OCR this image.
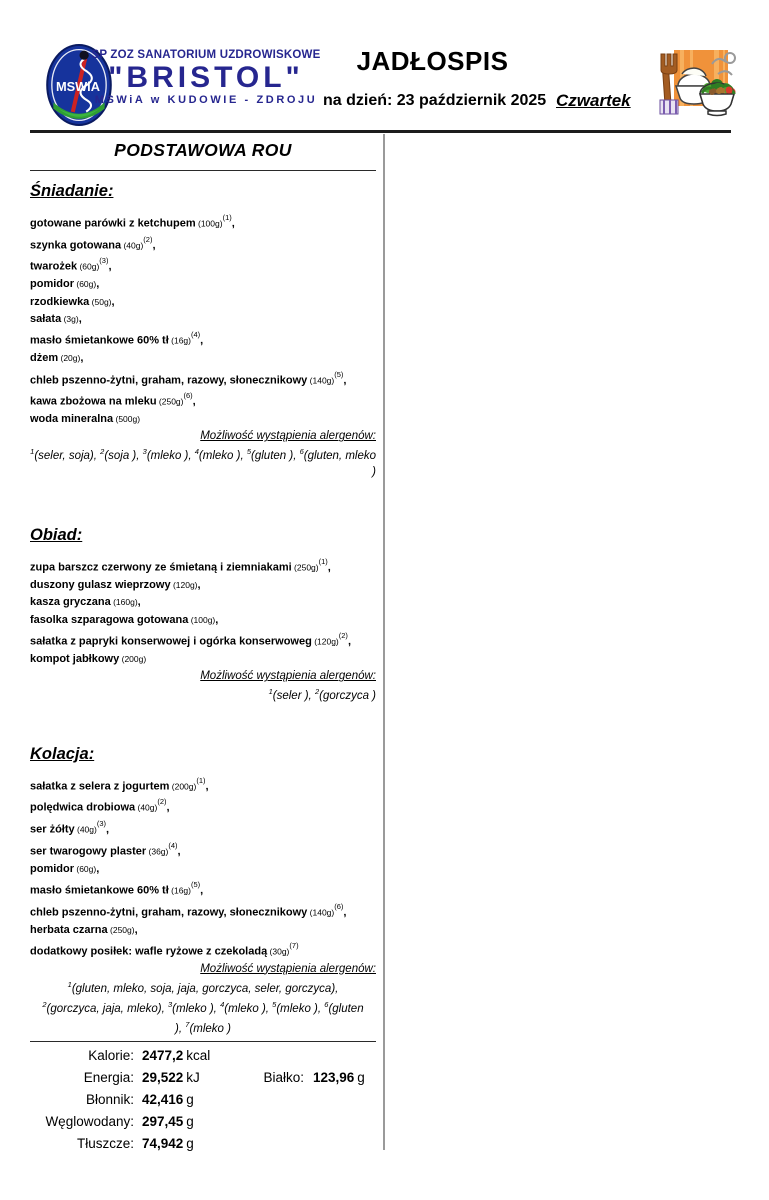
MSWiA
SP ZOZ SANATORIUM UZDROWISKOWE
"BRISTOL"
MSWiA w KUDOWIE - ZDROJU
JADŁOSPIS
na dzień: 23 październik 2025 Czwartek
PODSTAWOWA ROU
Śniadanie:
gotowane parówki z ketchupem (100g)$^{(1)}$,
szynka gotowana (40g)$^{(2)}$,
twarożek (60g)$^{(3)}$,
pomidor (60g),
rzodkiewka (50g),
sałata (3g),
masło śmietankowe 60% tł (16g)$^{(4)}$,
dżem (20g),
chleb pszenno-żytni, graham, razowy, słonecznikowy (140g)$^{(5)}$,
kawa zbożowa na mleku (250g)$^{(6)}$,
woda mineralna (500g)
Możliwość wystąpienia alergenów:
$^1$(seler, soja), $^2$(soja ), $^3$(mleko ), $^4$(mleko ), $^5$(gluten ), $^6$(gluten, mleko )
Obiad:
zupa barszcz czerwony ze śmietaną i ziemniakami (250g)$^{(1)}$,
duszony gulasz wieprzowy (120g),
kasza gryczana (160g),
fasolka szparagowa gotowana (100g),
sałatka z papryki konserwowej i ogórka konserwoweg (120g)$^{(2)}$,
kompot jabłkowy (200g)
Możliwość wystąpienia alergenów:
$^1$(seler ), $^2$(gorczyca )
Kolacja:
sałatka z selera z jogurtem (200g)$^{(1)}$,
polędwica drobiowa (40g)$^{(2)}$,
ser żółty (40g)$^{(3)}$,
ser twarogowy plaster (36g)$^{(4)}$,
pomidor (60g),
masło śmietankowe 60% tł (16g)$^{(5)}$,
chleb pszenno-żytni, graham, razowy, słonecznikowy (140g)$^{(6)}$,
herbata czarna (250g),
dodatkowy posiłek: wafle ryżowe z czekoladą (30g)$^{(7)}$
Możliwość wystąpienia alergenów:
$^1$(gluten, mleko, soja, jaja, gorczyca, seler, gorczyca), $^2$(gorczyca, jaja, mleko), $^3$(mleko ), $^4$(mleko ), $^5$(mleko ), $^6$(gluten ), $^7$(mleko )
Kalorie: 2477,2 kcal
Energia: 29,522 kJ	Białko: 123,96 g
Błonnik: 42,416 g
Węglowodany: 297,45 g
Tłuszcze: 74,942 g
